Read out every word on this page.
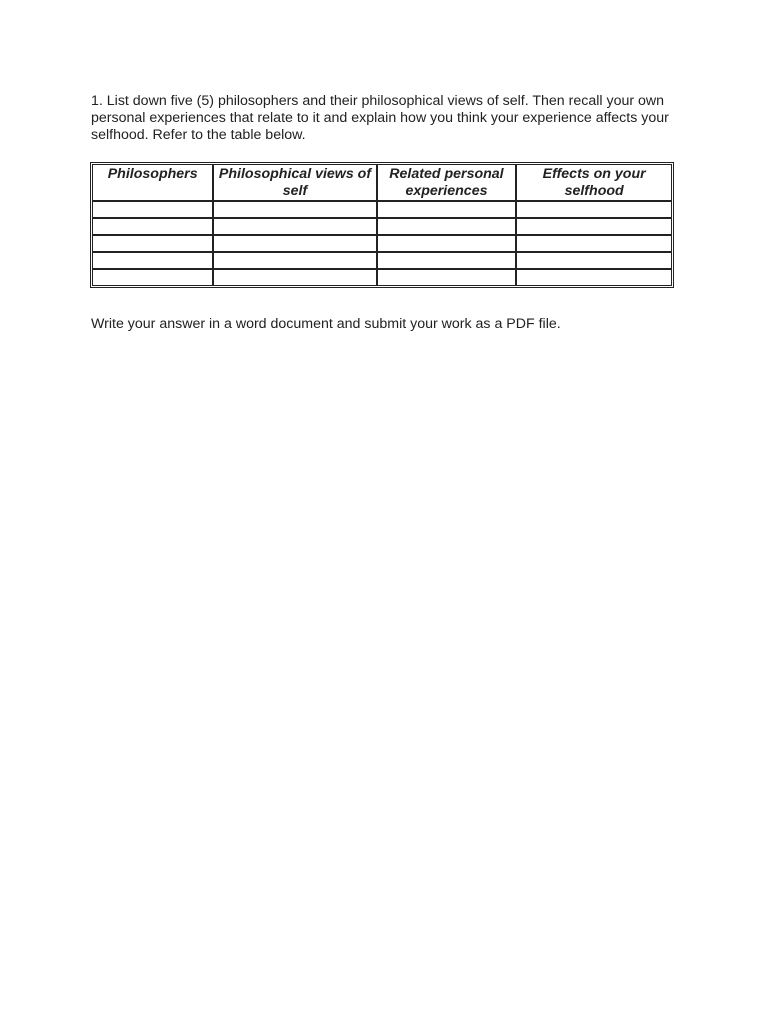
1. List down five (5) philosophers and their philosophical views of self. Then recall your own personal experiences that relate to it and explain how you think your experience affects your selfhood. Refer to the table below.

Philosophers	Philosophical views of self	Related personal experiences	Effects on your selfhood

Write your answer in a word document and submit your work as a PDF file.
